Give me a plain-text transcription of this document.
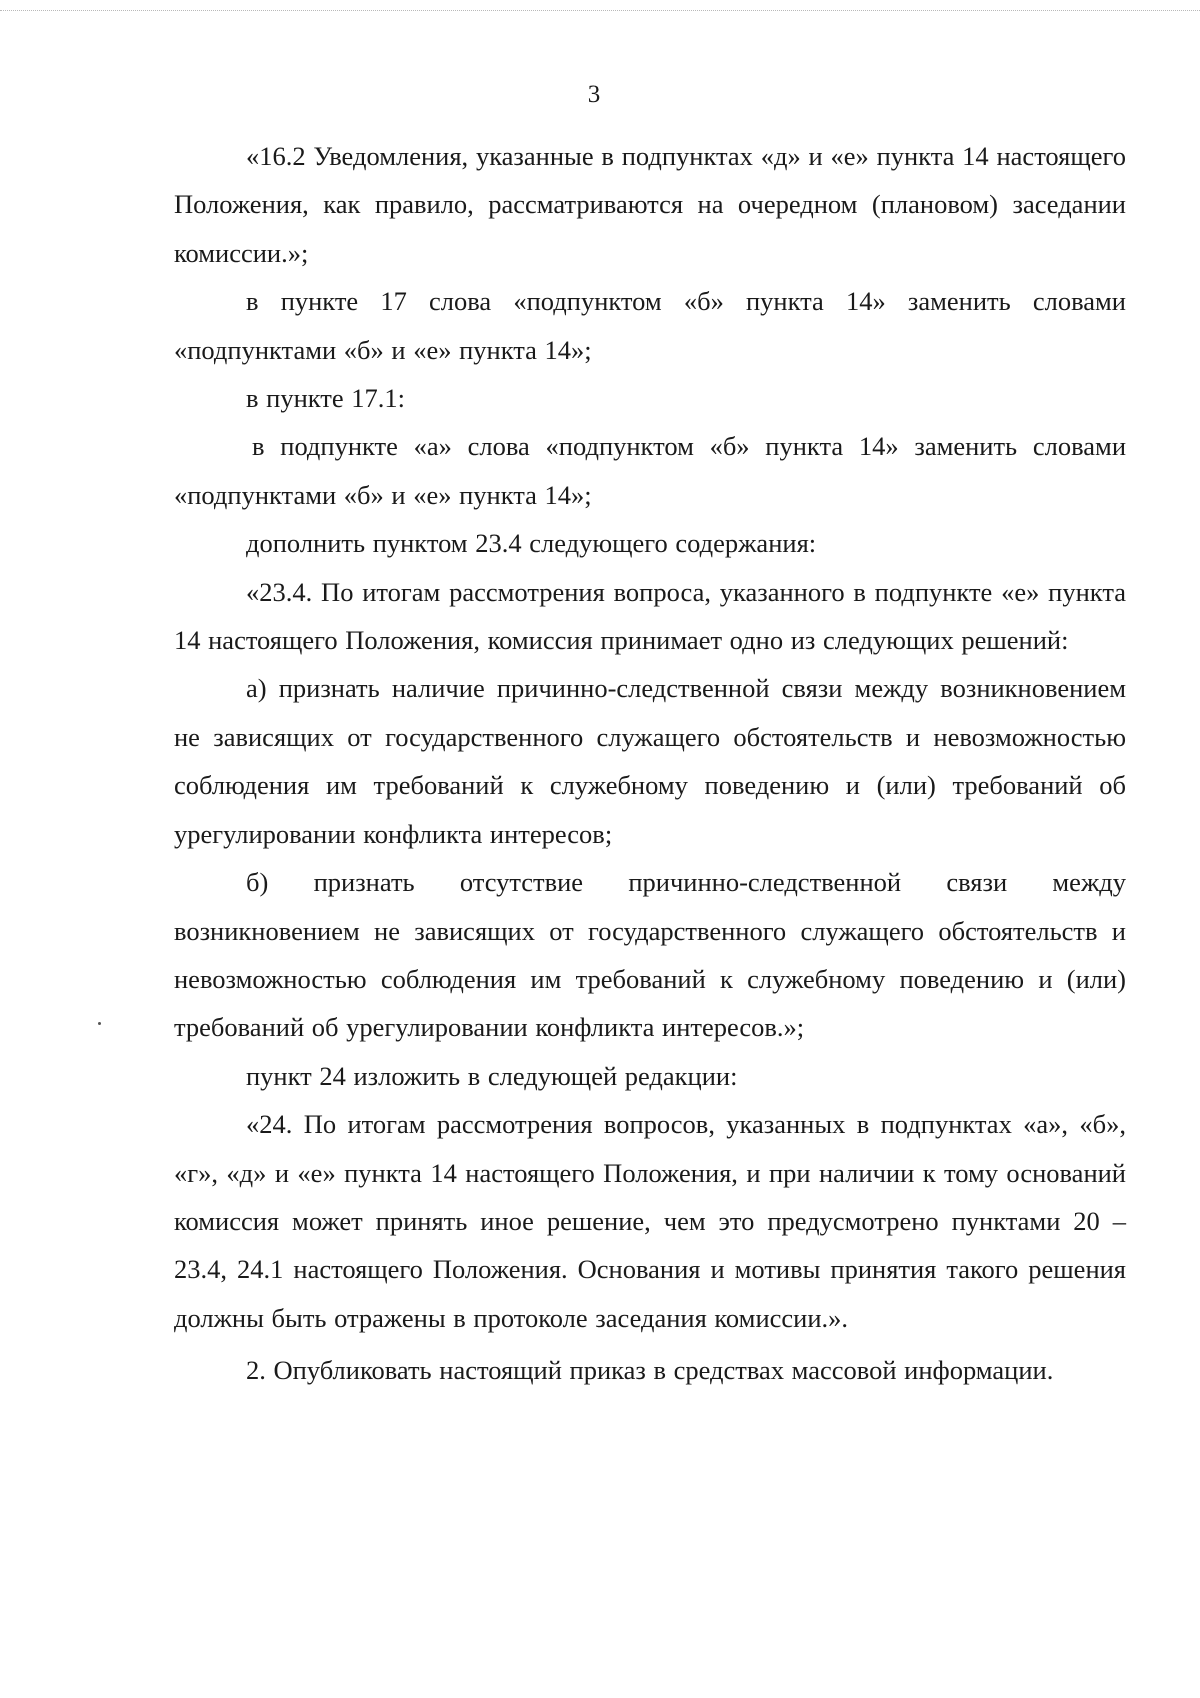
3

«16.2 Уведомления, указанные в подпунктах «д» и «е» пункта 14 настоящего Положения, как правило, рассматриваются на очередном (плановом) заседании комиссии.»;

в пункте 17 слова «подпунктом «б» пункта 14» заменить словами «подпунктами «б» и «е» пункта 14»;

в пункте 17.1:

в подпункте «а» слова «подпунктом «б» пункта 14» заменить словами «подпунктами «б» и «е» пункта 14»;

дополнить пунктом 23.4 следующего содержания:

«23.4. По итогам рассмотрения вопроса, указанного в подпункте «е» пункта 14 настоящего Положения, комиссия принимает одно из следующих решений:

а) признать наличие причинно-следственной связи между возникновением не зависящих от государственного служащего обстоятельств и невозможностью соблюдения им требований к служебному поведению и (или) требований об урегулировании конфликта интересов;

б) признать отсутствие причинно-следственной связи между возникновением не зависящих от государственного служащего обстоятельств и невозможностью соблюдения им требований к служебному поведению и (или) требований об урегулировании конфликта интересов.»;

пункт 24 изложить в следующей редакции:

«24. По итогам рассмотрения вопросов, указанных в подпунктах «а», «б», «г», «д» и «е» пункта 14 настоящего Положения, и при наличии к тому оснований комиссия может принять иное решение, чем это предусмотрено пунктами 20 – 23.4, 24.1 настоящего Положения. Основания и мотивы принятия такого решения должны быть отражены в протоколе заседания комиссии.».

2. Опубликовать настоящий приказ в средствах массовой информации.
